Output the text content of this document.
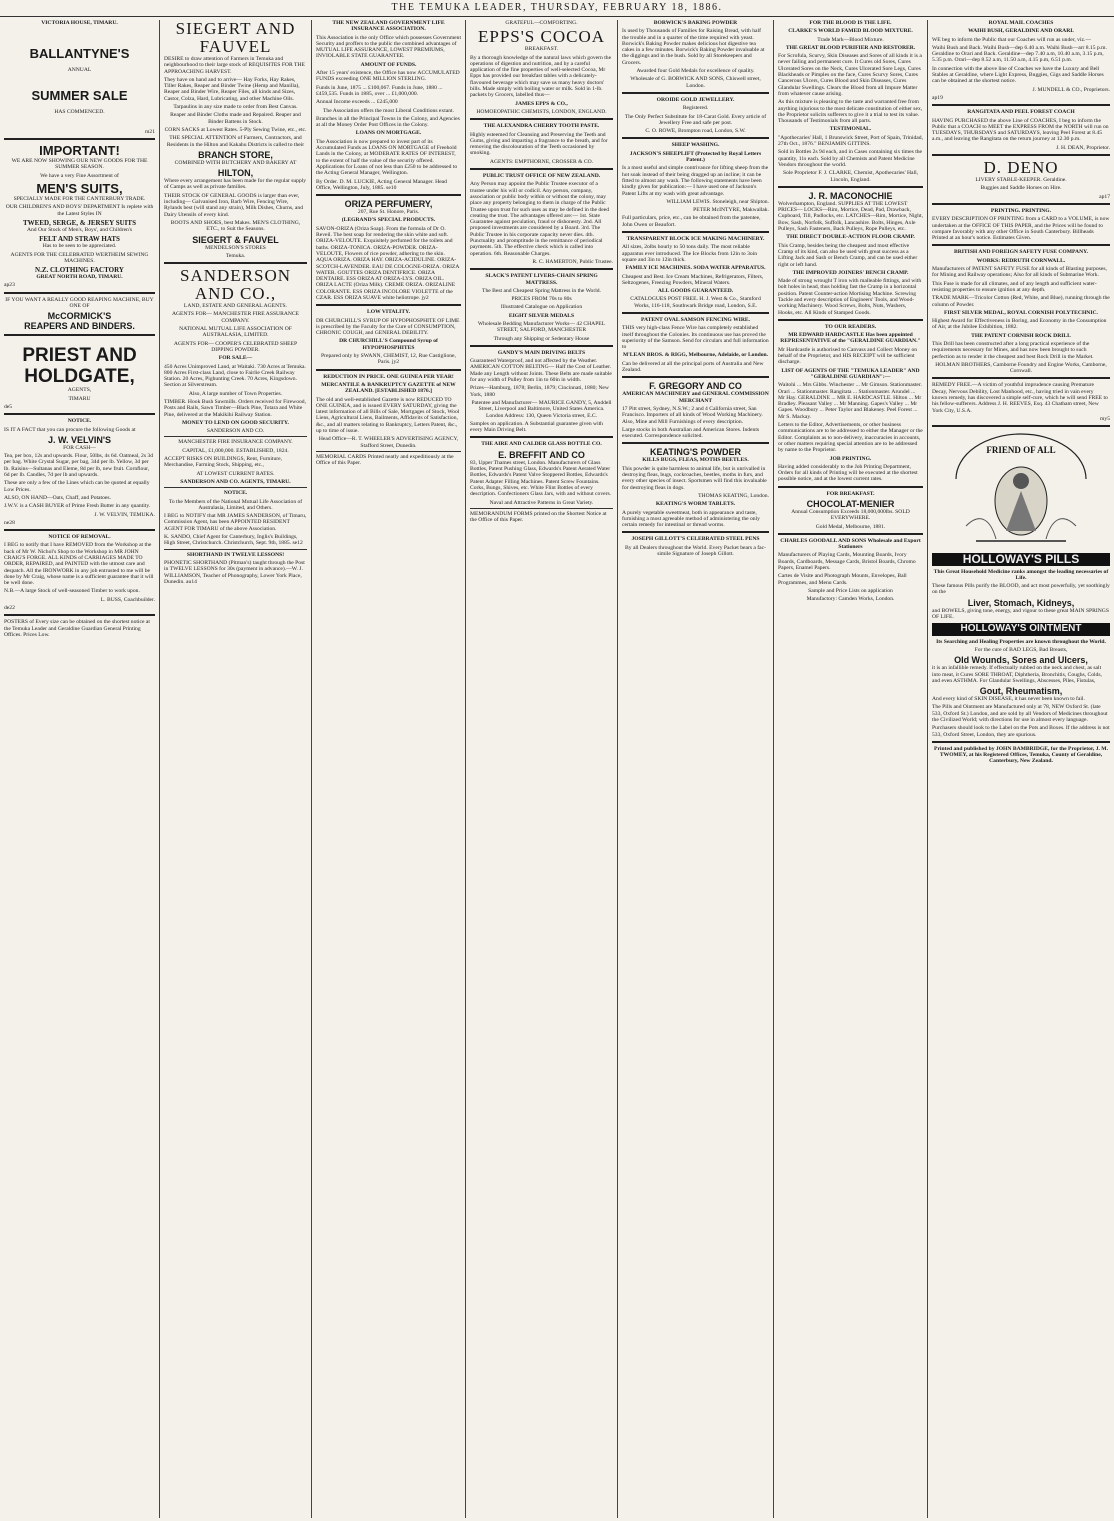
THE TEMUKA LEADER, THURSDAY, FEBRUARY 18, 1886.

VICTORIA HOUSE, TIMARU.

BALLANTYNE'S

ANNUAL

SUMMER SALE

HAS COMMENCED.

m21

IMPORTANT!

WE ARE NOW SHOWING OUR NEW GOODS FOR THE SUMMER SEASON.

We have a very Fine Assortment of

MEN'S SUITS,

SPECIALLY MADE FOR THE CANTERBURY TRADE.

OUR CHILDREN'S AND BOYS' DEPARTMENT Is replete with the Latest Styles IN

TWEED, SERGE, & JERSEY SUITS

And Our Stock of Men's, Boys', and Children's

FELT AND STRAW HATS

Has to be seen to be appreciated.

AGENTS FOR THE CELEBRATED WERTHEIM SEWING MACHINES.

N.Z. CLOTHING FACTORY

GREAT NORTH ROAD, TIMARU.

ap23

IF YOU WANT A REALLY GOOD REAPING MACHINE, BUY ONE OF

McCORMICK'S
REAPERS AND BINDERS.
PRIEST AND HOLDGATE,

AGENTS,

TIMARU

de5

NOTICE.

IS IT A FACT that you can procure the following Goods at

J. W. VELVIN'S

FOR CASH—

Tea, per box, 12s and upwards. Flour, 50lbs, 4s 6d. Oatmeal, 2s 3d per bag. White Crystal Sugar, per bag, 34d per lb. Yellow, 3d per lb. Raisins—Sultanas and Eleme, 8d per lb, new fruit. Cornflour, 6d per lb. Candles, 7d per lb and upwards.

These are only a few of the Lines which can be quoted at equally Low Prices.

ALSO, ON HAND—Oats, Chaff, and Potatoes.

J.W.V. is a CASH BUYER of Prime Fresh Butter in any quantity.

J. W. VELVIN, TEMUKA.

ne28

NOTICE OF REMOVAL.

I BEG to notify that I have REMOVED from the Workshop at the back of Mr W. Nichol's Shop to the Workshop in MR JOHN CRAIG'S FORGE. ALL KINDS of CARRIAGES MADE TO ORDER, REPAIRED, and PAINTED with the utmost care and despatch. All the IRONWORK in any job entrusted to me will be done by Mr Craig, whose name is a sufficient guarantee that it will be well done.

N.B.—A large Stock of well-seasoned Timber to work upon.

L. BUSS, Coachbuilder.

de22

POSTERS of Every size can be obtained on the shortest notice at the Temuka Leader and Geraldine Guardian General Printing Offices. Prices Low.

SIEGERT AND FAUVEL

DESIRE to draw attention of Farmers in Temuka and neighbourhood to their large stock of REQUISITES FOR THE APPROACHING HARVEST.

They have on hand and to arrive— Hay Forks, Hay Rakes, Tiller Rakes, Reaper and Binder Twine (Hemp and Manilla), Reaper and Binder Wire, Reaper Files, all kinds and Sizes, Castor, Colza, Hard, Lubricating, and other Machine Oils.

Tarpaulins in any size made to order from Best Canvas.

Reaper and Binder Cloths made and Repaired. Reaper and Binder Battens in Stock.

CORN SACKS at Lowest Rates. 5-Ply Sewing Twine, etc., etc.

THE SPECIAL ATTENTION of Farmers, Contractors, and Residents in the Hilton and Kakahu Districts is called to their

BRANCH STORE,

COMBINED WITH BUTCHERY AND BAKERY AT

HILTON,

Where every arrangement has been made for the regular supply of Camps as well as private families.

THEIR STOCK OF GENERAL GOODS is larger than ever, including— Galvanised Iron, Barb Wire, Fencing Wire, Rylands best (will stand any strain), Milk Dishes, Churns, and Dairy Utensils of every kind.

BOOTS AND SHOES, best Makes. MEN'S CLOTHING, ETC., to Suit the Seasons.

SIEGERT & FAUVEL

MENDELSON'S STORES

Temuka.

SANDERSON AND CO.,

LAND, ESTATE AND GENERAL AGENTS.

AGENTS FOR— MANCHESTER FIRE ASSURANCE COMPANY.

NATIONAL MUTUAL LIFE ASSOCIATION OF AUSTRALASIA, LIMITED.

AGENTS FOR— COOPER'S CELEBRATED SHEEP DIPPING POWDER.

FOR SALE—

450 Acres Unimproved Land, at Waitaki. 730 Acres at Temuka. 800 Acres First-class Land, close to Fairlie Creek Railway Station. 20 Acres, Pighunting Creek. 70 Acres, Kingsdown. Section at Silverstream.

Also, A large number of Town Properties.

TIMBER. Hook Bush Sawmills. Orders received for Firewood, Posts and Rails, Sawn Timber—Black Pine, Totara and White Pine, delivered at the Makikihi Railway Station.

MONEY TO LEND ON GOOD SECURITY.

SANDERSON AND CO.

MANCHESTER FIRE INSURANCE COMPANY.

CAPITAL, £1,000,000. ESTABLISHED, 1824.

ACCEPT RISKS ON BUILDINGS, Rent, Furniture, Merchandise, Farming Stock, Shipping, etc.,

AT LOWEST CURRENT RATES.

SANDERSON AND CO. AGENTS, TIMARU.

NOTICE.

To the Members of the National Mutual Life Association of Australasia, Limited, and Others.

I BEG to NOTIFY that MR JAMES SANDERSON, of Timaru, Commission Agent, has been APPOINTED RESIDENT AGENT FOR TIMARU of the above Association.

K. SANDO, Chief Agent for Canterbury, Inglis's Buildings, High Street, Christchurch. Christchurch, Sept. 9th, 1885. se12

SHORTHAND IN TWELVE LESSONS!

PHONETIC SHORTHAND (Pitman's) taught through the Post in TWELVE LESSONS for 30s (payment in advance).—W. J. WILLIAMSON, Teacher of Phonography, Lower York Place, Dunedin. au14

THE NEW ZEALAND GOVERNMENT LIFE INSURANCE ASSOCIATION.

This Association is the only Office which possesses Government Security and proffers to the public the combined advantages of MUTUAL LIFE ASSURANCE, LOWEST PREMIUMS, INVIOLABLE STATE GUARANTEE.

AMOUNT OF FUNDS.

After 15 years' existence, the Office has now ACCUMULATED FUNDS exceeding ONE MILLION STERLING.

Funds in June, 1875 ... £100,067. Funds in June, 1880 ... £459,535. Funds in 1885, over ... £1,000,000.

Annual Income exceeds ... £245,000

The Association offers the most Liberal Conditions extant.

Branches in all the Principal Towns in the Colony, and Agencies at all the Money Order Post Offices in the Colony.

LOANS ON MORTGAGE.

The Association is now prepared to invest part of its Accumulated Funds as LOANS ON MORTGAGE of Freehold Lands in the Colony, at MODERATE RATES OF INTEREST, to the extent of half the value of the security offered. Applications for Loans of not less than £250 to be addressed to the Acting General Manager, Wellington.

By Order. D. M. LUCKIE, Acting General Manager. Head Office, Wellington, July, 1885. se10

ORIZA PERFUMERY,

207, Rue St. Honore, Paris.

(LEGRAND'S SPECIAL PRODUCTS.

SAVON-ORIZA (Oriza Soap). From the formula of Dr O. Reveil. The best soap for rendering the skin white and soft. ORIZA-VELOUTE. Exquisitely perfumed for the toilets and baths. ORIZA-TONICA. ORIZA-POWDER. ORIZA-VELOUTE, Flowers of rice powder, adhering to the skin. AQUA ORIZA. ORIZA HAY. ORIZA-ACIDULINE. ORIZA-SCOTCH-LAVENDER. EAU DE COLOGNE-ORIZA. ORIZA WATER. GOUTTES ORIZA DENTIFRICE. ORIZA DENTAIRE. ESS ORIZA AT ORIZA-LYS. ORIZA OIL. ORIZA LACTE (Oriza Milk). CREME ORIZA. ORIZALINE COLORANTE. ESS ORIZA INCOLORE VIOLETTE of the CZAR. ESS ORIZA SUAVE white heliotrope. jy2

LOW VITALITY.

DR CHURCHILL'S SYRUP OF HYPOPHOSPHITE OF LIME is prescribed by the Faculty for the Cure of CONSUMPTION, CHRONIC COUGH, and GENERAL DEBILITY.

DR CHURCHILL'S Compound Syrup of HYPOPHOSPHITES

Prepared only by SWANN, CHEMIST, 12, Rue Castiglione, Paris. jy2

REDUCTION IN PRICE. ONE GUINEA PER YEAR!

MERCANTILE & BANKRUPTCY GAZETTE of NEW ZEALAND. [ESTABLISHED 1876.]

The old and well-established Gazette is now REDUCED TO ONE GUINEA, and is issued EVERY SATURDAY, giving the latest information of all Bills of Sale, Mortgages of Stock, Wool Liens, Agricultural Liens, Bailments, Affidavits of Satisfaction, &c., and all matters relating to Bankruptcy, Letters Patent, &c., up to time of issue.

Head Office—R. T. WHEELER'S ADVERTISING AGENCY, Stafford Street, Dunedin.

MEMORIAL CARDS Printed neatly and expeditiously at the Office of this Paper.

GRATEFUL—COMFORTING.

EPPS'S COCOA

BREAKFAST.

By a thorough knowledge of the natural laws which govern the operations of digestion and nutrition, and by a careful application of the fine properties of well-selected Cocoa, Mr Epps has provided our breakfast tables with a delicately-flavoured beverage which may save us many heavy doctors' bills. Made simply with boiling water or milk. Sold in 1-lb. packets by Grocers, labelled thus—

JAMES EPPS & CO.,

HOMOEOPATHIC CHEMISTS, LONDON, ENGLAND.

THE ALEXANDRA CHERRY TOOTH PASTE.

Highly esteemed for Cleansing and Preserving the Teeth and Gums, giving and imparting a fragrance to the breath, and for removing the discolouration of the Teeth occasioned by smoking.

AGENTS: EMPTHORNE, CROSSER & CO.

PUBLIC TRUST OFFICE OF NEW ZEALAND.

Any Person may appoint the Public Trustee executor of a trustee under his will or codicil. Any person, company, association or public body within or without the colony, may place any property belonging to them in charge of the Public Trustee upon trust for such uses as may be defined in the deed creating the trust. The advantages offered are:— 1st. State Guarantee against peculation, fraud or dishonesty. 2nd. All proposed investments are considered by a Board. 3rd. The Public Trustee in his corporate capacity never dies. 4th. Punctuality and promptitude in the remittance of periodical payments. 5th. The effective check which is called into operation. 6th. Reasonable Charges.

R. C. HAMERTON, Public Trustee.

SLACK'S PATENT LIVERS-CHAIN SPRING MATTRESS.

The Best and Cheapest Spring Mattress in the World.

PRICES FROM 70s to 80s

Illustrated Catalogue on Application

EIGHT SILVER MEDALS

Wholesale Bedding Manufacturer Works— 42 CHAPEL STREET, SALFORD, MANCHESTER

Through any Shipping or Sedentary House

GANDY'S MAIN DRIVING BELTS

Guaranteed Waterproof, and not affected by the Weather. AMERICAN COTTON BELTING— Half the Cost of Leather. Made any Length without Joints. These Belts are made suitable for any width of Pulley from 1in to 60in in width.

Prizes—Hamburg, 1878; Berlin, 1879; Cincinnati, 1880; New York, 1880

Patentee and Manufacturer— MAURICE GANDY, 5, Anddell Street, Liverpool and Baltimore, United States America. London Address: 130, Queen Victoria street, E.C.

Samples on application. A Substantial guarantee given with every Main Driving Belt.

THE AIRE AND CALDER GLASS BOTTLE CO.

E. BREFFIT AND CO

83, Upper Thames street, London. Manufacturers of Glass Bottles, Patent Pushing Glass, Edwards's Patent Aerated Water Bottles, Edwards's Patent Valve Stoppered Bottles, Edwards's Patent Adapter Filling Machines. Patent Screw Fountains. Corks, Bungs, Shives, etc. White Flint Bottles of every description. Confectioners Glass Jars, with and without covers.

Naval and Attractive Patterns in Great Variety.

MEMORANDUM FORMS printed on the Shortest Notice at the Office of this Paper.

BORWICK'S BAKING POWDER

Is used by Thousands of Families for Raising Bread, with half the trouble and in a quarter of the time required with yeast. Borwick's Baking Powder makes delicious hot digestive tea cakes in a few minutes. Borwick's Baking Powder invaluable at the diggings and in the bush. Sold by all Storekeepers and Grocers.

Awarded four Gold Medals for excellence of quality.

Wholesale of G. BORWICK AND SONS, Chiswell street, London.

OROIDE GOLD JEWELLERY.

Registered.

The Only Perfect Substitute for 18-Carat Gold. Every article of Jewellery Free and safe per post.

C. O. ROWE, Brompton road, London, S.W.

SHEEP WASHING.

JACKSON'S SHEEPLIFT (Protected by Royal Letters Patent.)

Is a most useful and simple contrivance for lifting sheep from the hot soak instead of their being dragged up an incline; it can be fitted to almost any wash. The following statements have been kindly given for publication:— I have used one of Jackson's Patent Lifts at my wash with great advantage.

WILLIAM LEWIS. Stoneleigh, near Shipton.

PETER McINTYRE, Makwallak.

Full particulars, price, etc., can be obtained from the patentee, John Owen or Beaufort.

TRANSPARENT BLOCK ICE MAKING MACHINERY.

All sizes, 2olbs hourly to 50 tons daily. The most reliable apparatus ever introduced. The Ice Blocks from 12in to 3oin square and 3in to 12in thick.

FAMILY ICE MACHINES. SODA WATER APPARATUS.

Cheapest and Best. Ice Cream Machines, Refrigerators, Filters, Seltzogenes, Freezing Powders, Mineral Waters.

ALL GOODS GUARANTEED.

CATALOGUES POST FREE. H. J. West & Co., Stamford Works, 116-118, Southwark Bridge road, London, S.E.

PATENT OVAL SAMSON FENCING WIRE.

THIS very high-class Fence Wire has completely established itself throughout the Colonies. Its continuous use has proved the superiority of the Samson. Send for circulars and full information to

M'LEAN BROS. & RIGG, Melbourne, Adelaide, or London.

Can be delivered at all the principal ports of Australia and New Zealand.

F. GREGORY AND CO

AMERICAN MACHINERY and GENERAL COMMISSION MERCHANT

17 Pitt street, Sydney, N.S.W.; 2 and 4 California street, San Francisco. Importers of all kinds of Wood Working Machinery. Also, Mine and Mill Furnishings of every description.

Large stocks in both Australian and American Stores. Indents executed. Correspondence solicited.

KEATING'S POWDER

KILLS BUGS, FLEAS, MOTHS BEETLES.

This powder is quite harmless to animal life, but is unrivalled in destroying fleas, bugs, cockroaches, beetles, moths in furs, and every other species of insect. Sportsmen will find this invaluable for destroying fleas in dogs.

THOMAS KEATING, London.

KEATING'S WORM TABLETS.

A purely vegetable sweetmeat, both in appearance and taste, furnishing a most agreeable method of administering the only certain remedy for intestinal or thread worms.

JOSEPH GILLOTT'S CELEBRATED STEEL PENS

By all Dealers throughout the World. Every Packet bears a fac-simile Signature of Joseph Gillott.

FOR THE BLOOD IS THE LIFE.

CLARKE'S WORLD FAMED BLOOD MIXTURE.

Trade Mark—Blood Mixture.

THE GREAT BLOOD PURIFIER AND RESTORER.

For Scrofula, Scurvy, Skin Diseases and Sores of all kinds it is a never failing and permanent cure. It Cures old Sores, Cures Ulcerated Sores on the Neck, Cures Ulcerated Sore Legs, Cures Blackheads or Pimples on the face, Cures Scurvy Sores, Cures Cancerous Ulcers, Cures Blood and Skin Diseases, Cures Glandular Swellings. Clears the Blood from all Impure Matter from whatever cause arising.

As this mixture is pleasing to the taste and warranted free from anything injurious to the most delicate constitution of either sex, the Proprietor solicits sufferers to give it a trial to test its value. Thousands of Testimonials from all parts.

TESTIMONIAL.

"Apothecaries' Hall, 1 Brunswick Street, Port of Spain, Trinidad, 27th Oct., 1876." BENJAMIN GITTINS.

Sold in Bottles 2s 9d each, and in Cases containing six times the quantity, 11s each. Sold by all Chemists and Patent Medicine Vendors throughout the world.

Sole Proprietor F. J. CLARKE, Chemist, Apothecaries' Hall, Lincoln, England.

J. R. MACONOCHIE

Wolverhampton, England. SUPPLIES AT THE LOWEST PRICES— LOCKS—Rim, Mortice, Dead, Pad, Drawback, Cupboard, Till, Padlocks, etc. LATCHES—Rim, Mortice, Night, Bow, Sash, Norfolk, Suffolk, Lancashire. Bolts, Hinges, Axle Pulleys, Sash Fasteners, Back Pulleys, Rope Pulleys, etc.

THE DIRECT DOUBLE-ACTION FLOOR CRAMP.

This Cramp, besides being the cheapest and most effective Cramp of its kind, can also be used with great success as a Lifting Jack and Sash or Bench Cramp, and can be used either right or left hand.

THE IMPROVED JOINERS' BENCH CRAMP.

Made of strong wrought T iron with malleable fittings, and with bolt holes in head, thus holding fast the Cramp in a horizontal position. Patent Counter-action Mortising Machine. Screwing Tackle and every description of Engineers' Tools, and Wood-working Machinery. Wood Screws, Bolts, Nuts, Washers, Hooks, etc. All Kinds of Stamped Goods.

TO OUR READERS.

MR EDWARD HARDCASTLE Has been appointed REPRESENTATIVE of the "GERALDINE GUARDIAN."

Mr Hardcastle is authorised to Canvass and Collect Money on behalf of the Proprietor, and HIS RECEIPT will be sufficient discharge.

LIST OF AGENTS OF THE "TEMUKA LEADER" AND "GERALDINE GUARDIAN":—

Waitohi ... Mrs Gibbs. Winchester ... Mr Gimson. Stationmaster. Orari ... Stationmaster. Rangitata ... Stationmaster. Arundel ... Mr Hay. GERALDINE ... MR E. HARDCASTLE. Hilton ... Mr Bradley. Pleasant Valley ... Mr Manning. Gapes's Valley ... Mr Gapes. Woodbury ... Peter Taylor and Blakeney. Peel Forest ... Mr S. Mackay.

Letters to the Editor, Advertisements, or other business communications are to be addressed to either the Manager or the Editor. Complaints as to non-delivery, inaccuracies in accounts, or other matters requiring special attention are to be addressed by name to the Proprietor.

JOB PRINTING.

Having added considerably to the Job Printing Department, Orders for all kinds of Printing will be executed at the shortest possible notice, and at the lowest current rates.

FOR BREAKFAST.

CHOCOLAT-MENIER

Annual Consumption Exceeds 18,000,000lbs. SOLD EVERYWHERE.

Gold Medal, Melbourne, 1881.

CHARLES GOODALL AND SONS Wholesale and Export Stationers

Manufacturers of Playing Cards, Mounting Boards, Ivory Boards, Cardboards, Message Cards, Bristol Boards, Chromo Papers, Enamel Papers.

Cartes de Visite and Photograph Mounts, Envelopes, Ball Programmes, and Menu Cards.

Sample and Price Lists on application

Manufactory: Camden Works, London.

ROYAL MAIL COACHES

WAIHI BUSH, GERALDINE AND ORARI.

WE beg to inform the Public that our Coaches will run as under, viz.—

Waihi Bush and Back. Waihi Bush—dep 6.40 a.m. Waihi Bush—arr 8.15 p.m. Geraldine to Orari and Back. Geraldine—dep 7.40 a.m, 10.40 a.m, 3.15 p.m, 5.35 p.m. Orari—dep 8.52 a.m, 11.50 a.m, 4.15 p.m, 6.51 p.m.

In connection with the above line of Coaches we have the Luxury and Bell Stables at Geraldine, where Light Express, Buggies, Gigs and Saddle Horses can be obtained at the shortest notice.

J. MUNDELL & CO., Proprietors.

ap19

RANGITATA AND PEEL FOREST COACH

HAVING PURCHASED the above Line of COACHES, I beg to inform the Public that a COACH to MEET the EXPRESS FROM the NORTH will run on TUESDAYS, THURSDAYS and SATURDAYS, leaving Peel Forest at 8.45 a.m., and leaving the Rangitata on the return journey at 12.30 p.m.

J. H. DEAN, Proprietor.

D. DENO

LIVERY STABLE-KEEPER. Geraldine.

Buggies and Saddle Horses on Hire.

ap17

PRINTING. PRINTING.

EVERY DESCRIPTION OF PRINTING from a CARD to a VOLUME, is now undertaken at the OFFICE OF THIS PAPER, and the Prices will be found to compare favorably with any other Office in South Canterbury. Billheads Printed at an hour's notice. Estimates Given.

BRITISH AND FOREIGN SAFETY FUSE COMPANY.

WORKS: REDRUTH CORNWALL.

Manufacturers of PATENT SAFETY FUSE for all kinds of Blasting purposes, for Mining and Railway operations; Also for all kinds of Submarine Work.

This Fuse is made for all climates, and of any length and sufficient water-resisting properties to ensure ignition at any depth.

TRADE MARK—Tricolor Cotton (Red, White, and Blue), running through the column of Powder.

FIRST SILVER MEDAL, ROYAL CORNISH POLYTECHNIC.

Highest Award for Effectiveness in Boring, and Economy in the Consumption of Air, at the Jubilee Exhibition, 1882.

THE PATENT CORNISH ROCK DRILL

This Drill has been constructed after a long practical experience of the requirements necessary for Mines, and has now been brought to such perfection as to render it the cheapest and best Rock Drill in the Market.

HOLMAN BROTHERS, Camborne Foundry and Engine Works, Camborne, Cornwall.

REMEDY FREE.—A victim of youthful imprudence causing Premature Decay, Nervous Debility, Lost Manhood, etc., having tried in vain every known remedy, has discovered a simple self-cure, which he will send FREE to his fellow-sufferers. Address J. H. REEVES, Esq. 43 Chatham street, New York City, U.S.A.

my5

FRIEND OF ALL
HOLLOWAY'S PILLS

This Great Household Medicine ranks amongst the leading necessaries of Life.

These famous Pills purify the BLOOD, and act most powerfully, yet soothingly on the

Liver, Stomach, Kidneys,

and BOWELS, giving tone, energy, and vigour to these great MAIN SPRINGS OF LIFE.

HOLLOWAY'S OINTMENT

Its Searching and Healing Properties are known throughout the World.

For the cure of BAD LEGS, Bad Breasts,

Old Wounds, Sores and Ulcers,

it is an infallible remedy. If effectually rubbed on the neck and chest, as salt into meat, it Cures SORE THROAT, Diphtheria, Bronchitis, Coughs, Colds, and even ASTHMA. For Glandular Swellings, Abscesses, Piles, Fistulas,

Gout, Rheumatism,

And every kind of SKIN DISEASE, it has never been known to fail.

The Pills and Ointment are Manufactured only at 78, NEW Oxford St. (late 533, Oxford St.) London, and are sold by all Vendors of Medicines throughout the Civilized World; with directions for use in almost every language.

Purchasers should look to the Label on the Pots and Boxes. If the address is not 533, Oxford Street, London, they are spurious.

Printed and published by JOHN BAMBRIDGE, for the Proprietor, J. M. TWOMEY, at his Registered Offices, Temuka, County of Geraldine, Canterbury, New Zealand.
